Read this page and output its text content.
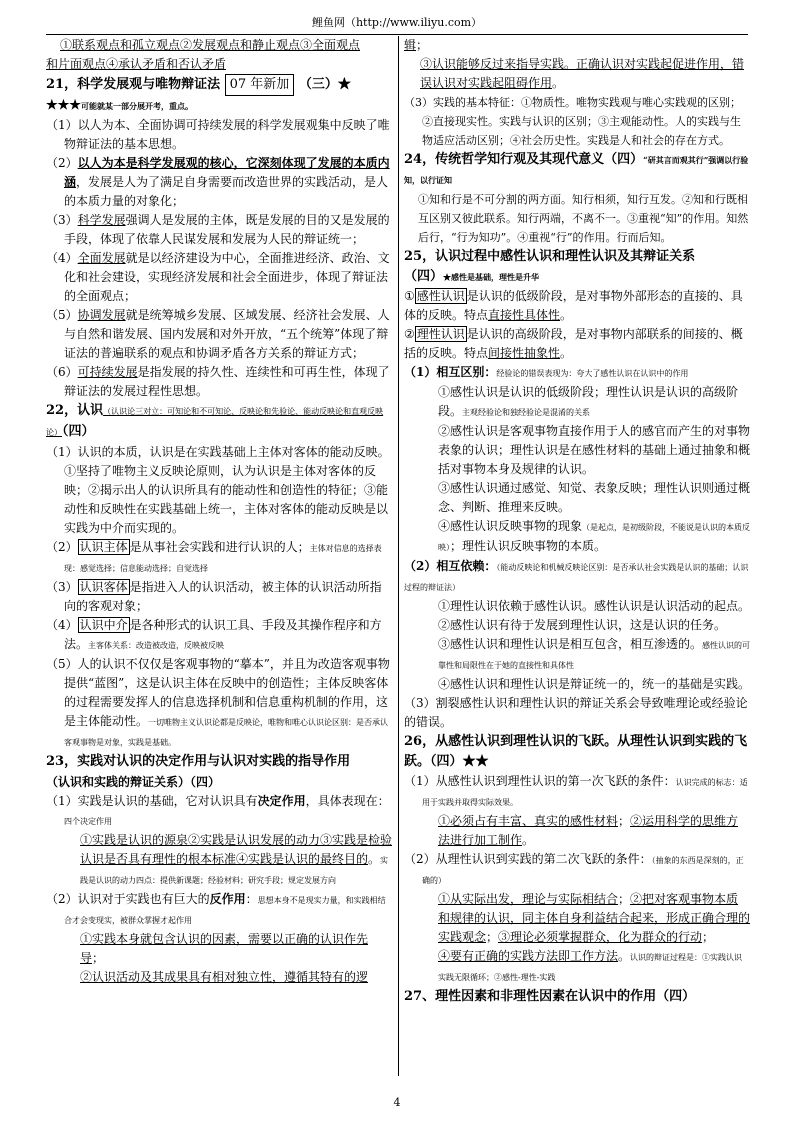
鲤鱼网（http://www.iliyu.com）

①联系观点和孤立观点②发展观点和静止观点③全面观点

和片面观点④承认矛盾和否认矛盾

21，科学发展观与唯物辩证法 07 年新加 （三）★

★★★可能就某一部分展开考，重点。

（1）以人为本、全面协调可持续发展的科学发展观集中反映了唯物辩证法的基本思想。

（2）以人为本是科学发展观的核心，它深刻体现了发展的本质内涵，发展是人为了满足自身需要而改造世界的实践活动，是人的本质力量的对象化；

（3）科学发展强调人是发展的主体，既是发展的目的又是发展的手段，体现了依靠人民谋发展和发展为人民的辩证统一；

（4）全面发展就是以经济建设为中心，全面推进经济、政治、文化和社会建设，实现经济发展和社会全面进步，体现了辩证法的全面观点；

（5）协调发展就是统筹城乡发展、区域发展、经济社会发展、人与自然和谐发展、国内发展和对外开放，“五个统筹”体现了辩证法的普遍联系的观点和协调矛盾各方关系的辩证方式；

（6）可持续发展是指发展的持久性、连续性和可再生性，体现了辩证法的发展过程性思想。

22，认识（认识论三对立：可知论和不可知论、反映论和先验论、能动反映论和直观反映论）（四）

（1）认识的本质，认识是在实践基础上主体对客体的能动反映。①坚持了唯物主义反映论原则，认为认识是主体对客体的反映；②揭示出人的认识所具有的能动性和创造性的特征；③能动性和反映性在实践基础上统一，主体对客体的能动反映是以实践为中介而实现的。

（2） 认识主体 是从事社会实践和进行认识的人；主体对信息的选择表现：感觉选择；信息能动选择；自觉选择

（3） 认识客体 是指进入人的认识活动，被主体的认识活动所指向的客观对象；

（4） 认识中介 是各种形式的认识工具、手段及其操作程序和方法。主客体关系：改造被改造，反映被反映

（5）人的认识不仅仅是客观事物的“摹本”，并且为改造客观事物提供“蓝图”，这是认识主体在反映中的创造性；主体反映客体的过程需要发挥人的信息选择机制和信息重构机制的作用，这是主体能动性。一切唯物主义认识论都是反映论，唯物和唯心认识论区别：是否承认客观事物是对象，实践是基础。

23，实践对认识的决定作用与认识对实践的指导作用

（认识和实践的辩证关系）（四）

（1）实践是认识的基础，它对认识具有决定作用，具体表现在：四个决定作用

①实践是认识的源泉②实践是认识发展的动力③实践是检验认识是否具有理性的根本标准④实践是认识的最终目的。实践是认识的动力四点：提供新课题；经验材料；研究手段；规定发展方向

（2）认识对于实践也有巨大的反作用：思想本身不是现实力量，和实践相结合才会变现实，被群众掌握才起作用

①实践本身就包含认识的因素，需要以正确的认识作先导；

②认识活动及其成果具有相对独立性，遵循其特有的逻

辑；

③认识能够反过来指导实践。正确认识对实践起促进作用，错误认识对实践起阻碍作用。

（3）实践的基本特征：①物质性。唯物实践观与唯心实践观的区别；②直接现实性。实践与认识的区别；③主观能动性。人的实践与生物适应活动区别；④社会历史性。实践是人和社会的存在方式。

24，传统哲学知行观及其现代意义（四）“研其言而观其行”强调以行验知，以行证知

①知和行是不可分割的两方面。知行相须，知行互发。②知和行既相互区别又彼此联系。知行两端，不离不一。③重视“知”的作用。知然后行，“行为知功”。④重视“行”的作用。行而后知。

25，认识过程中感性认识和理性认识及其辩证关系

（四）★感性是基础，理性是升华

① 感性认识 是认识的低级阶段，是对事物外部形态的直接的、具体的反映。特点直接性具体性。

② 理性认识 是认识的高级阶段，是对事物内部联系的间接的、概括的反映。特点间接性抽象性。

（1）相互区别：经验论的错误表现为：夸大了感性认识在认识中的作用

①感性认识是认识的低级阶段；理性认识是认识的高级阶段。主观经验论和独经验论是混淆的关系

②感性认识是客观事物直接作用于人的感官而产生的对事物表象的认识；理性认识是在感性材料的基础上通过抽象和概括对事物本身及规律的认识。

③感性认识通过感觉、知觉、表象反映；理性认识则通过概念、判断、推理来反映。

④感性认识反映事物的现象（是起点，是初级阶段，不能说是认识的本质反映）；理性认识反映事物的本质。

（2）相互依赖：（能动反映论和机械反映论区别：是否承认社会实践是认识的基础；认识过程的辩证法）

①理性认识依赖于感性认识。感性认识是认识活动的起点。

②感性认识有待于发展到理性认识，这是认识的任务。

③感性认识和理性认识是相互包含，相互渗透的。感性认识的可靠性和局限性在于她的直接性和具体性

④感性认识和理性认识是辩证统一的，统一的基础是实践。

（3）割裂感性认识和理性认识的辩证关系会导致唯理论或经验论的错误。

26，从感性认识到理性认识的飞跃。从理性认识到实践的飞跃。（四）★★

（1）从感性认识到理性认识的第一次飞跃的条件：认识完成的标志：适用于实践并取得实际效果。

①必须占有丰富、真实的感性材料；②运用科学的思维方法进行加工制作。

（2）从理性认识到实践的第二次飞跃的条件：（抽象的东西是深刻的，正确的）

①从实际出发，理论与实际相结合；②把对客观事物本质和规律的认识，同主体自身利益结合起来，形成正确合理的实践观念；③理论必须掌握群众，化为群众的行动；

④要有正确的实践方法即工作方法。认识的辩证过程是：①实践认识实践无限循环；②感性-理性-实践

27、理性因素和非理性因素在认识中的作用（四）

4
